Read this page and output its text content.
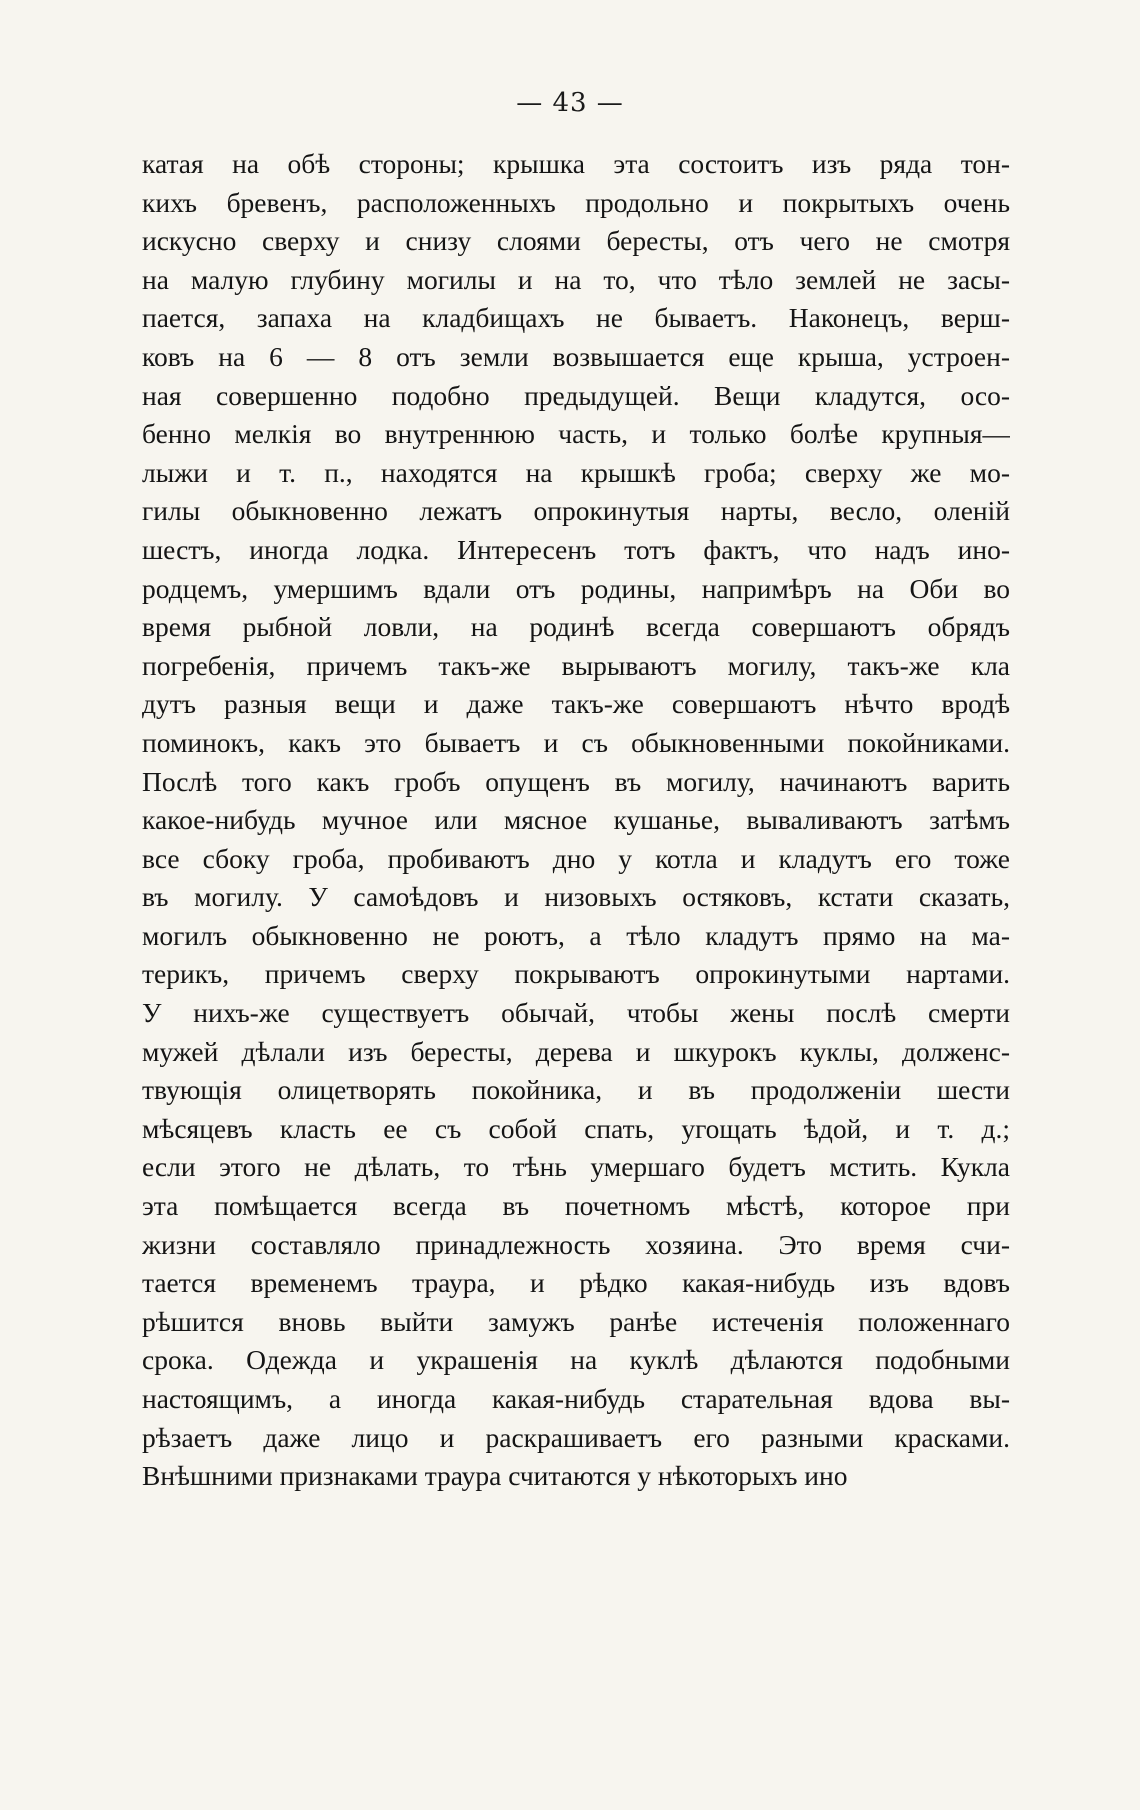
— 43 —
катая на обѣ стороны; крышка эта состоитъ изъ ряда тон-
кихъ бревенъ, расположенныхъ продольно и покрытыхъ очень
искусно сверху и снизу слоями бересты, отъ чего не смотря
на малую глубину могилы и на то, что тѣло землей не засы-
пается, запаха на кладбищахъ не бываетъ. Наконецъ, верш-
ковъ на 6 — 8 отъ земли возвышается еще крыша, устроен-
ная совершенно подобно предыдущей. Вещи кладутся, осо-
бенно мелкія во внутреннюю часть, и только болѣе крупныя—
лыжи и т. п., находятся на крышкѣ гроба; сверху же мо-
гилы обыкновенно лежатъ опрокинутыя нарты, весло, оленій
шестъ, иногда лодка. Интересенъ тотъ фактъ, что надъ ино-
родцемъ, умершимъ вдали отъ родины, напримѣръ на Оби во
время рыбной ловли, на родинѣ всегда совершаютъ обрядъ
погребенія, причемъ такъ-же вырываютъ могилу, такъ-же кла
дутъ разныя вещи и даже такъ-же совершаютъ нѣчто вродѣ
поминокъ, какъ это бываетъ и съ обыкновенными покойниками.
Послѣ того какъ гробъ опущенъ въ могилу, начинаютъ варить
какое-нибудь мучное или мясное кушанье, вываливаютъ затѣмъ
все сбоку гроба, пробиваютъ дно у котла и кладутъ его тоже
въ могилу. У самоѣдовъ и низовыхъ остяковъ, кстати сказать,
могилъ обыкновенно не роютъ, а тѣло кладутъ прямо на ма-
терикъ, причемъ сверху покрываютъ опрокинутыми нартами.
У нихъ-же существуетъ обычай, чтобы жены послѣ смерти
мужей дѣлали изъ бересты, дерева и шкурокъ куклы, долженс-
твующія олицетворять покойника, и въ продолженіи шести
мѣсяцевъ класть ее съ собой спать, угощать ѣдой, и т. д.;
если этого не дѣлать, то тѣнь умершаго будетъ мстить. Кукла
эта помѣщается всегда въ почетномъ мѣстѣ, которое при
жизни составляло принадлежность хозяина. Это время счи-
тается временемъ траура, и рѣдко какая-нибудь изъ вдовъ
рѣшится вновь выйти замужъ ранѣе истеченія положеннаго
срока. Одежда и украшенія на куклѣ дѣлаются подобными
настоящимъ, а иногда какая-нибудь старательная вдова вы-
рѣзаетъ даже лицо и раскрашиваетъ его разными красками.
Внѣшними признаками траура считаются у нѣкоторыхъ ино
